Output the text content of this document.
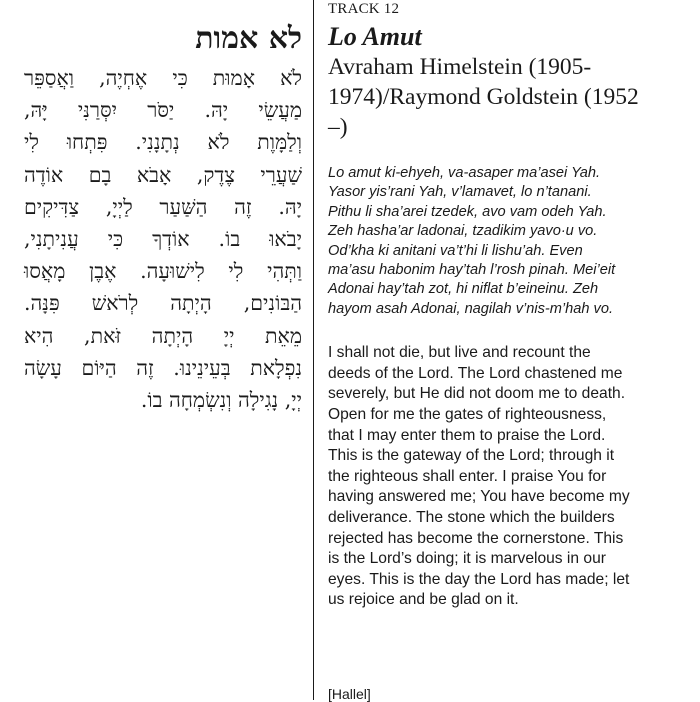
לא אמות
לֹא אָמוּת כִּי אֶחְיֶה, וַאֲסַפֵּר
מַעֲשֵׂי יָהּ. יַסֹּר יִסְּרַנִּי יָּהּ,
וְלַמָּוֶת לֹא נְתָנָנִי. פִּתְחוּ לִי
שַׁעֲרֵי צֶדֶק, אָבֹא בָם אוֹדֶה
יָהּ. זֶה הַשַּׁעַר לַיְיָ, צַדִּיקִים
יָבֹאוּ בוֹ. אוֹדְךָ כִּי עֲנִיתָנִי,
וַתְּהִי לִי לִישׁוּעָה. אֶבֶן מָאֲסוּ
הַבּוֹנִים, הָיְתָה לְרֹאשׁ פִּנָּה.
מֵאֵת יְיָ הָיְתָה זֹּאת, הִיא
נִפְלָאת בְּעֵינֵינוּ. זֶה הַיּוֹם עָשָׂה
יְיָ, נָגִילָה וְנִשְׂמְחָה בוֹ.

TRACK 12

Lo Amut

Avraham Himelstein (1905-1974)/Raymond Goldstein (1952 –)

Lo amut ki-ehyeh, va-asaper ma’asei Yah.
Yasor yis’rani Yah, v’lamavet, lo n’tanani.
Pithu li sha’arei tzedek, avo vam odeh Yah.
Zeh hasha’ar ladonai, tzadikim yavo·u vo.
Od’kha ki anitani va’t’hi li lishu’ah. Even
ma’asu habonim hay’tah l’rosh pinah. Mei’eit
Adonai hay’tah zot, hi niflat b’eineinu. Zeh
hayom asah Adonai, nagilah v’nis-m’hah vo.

I shall not die, but live and recount the
deeds of the Lord. The Lord chastened me
severely, but He did not doom me to death.
Open for me the gates of righteousness,
that I may enter them to praise the Lord.
This is the gateway of the Lord; through it
the righteous shall enter. I praise You for
having answered me; You have become my
deliverance. The stone which the builders
rejected has become the cornerstone. This
is the Lord’s doing; it is marvelous in our
eyes. This is the day the Lord has made; let
us rejoice and be glad on it.

[Hallel]
